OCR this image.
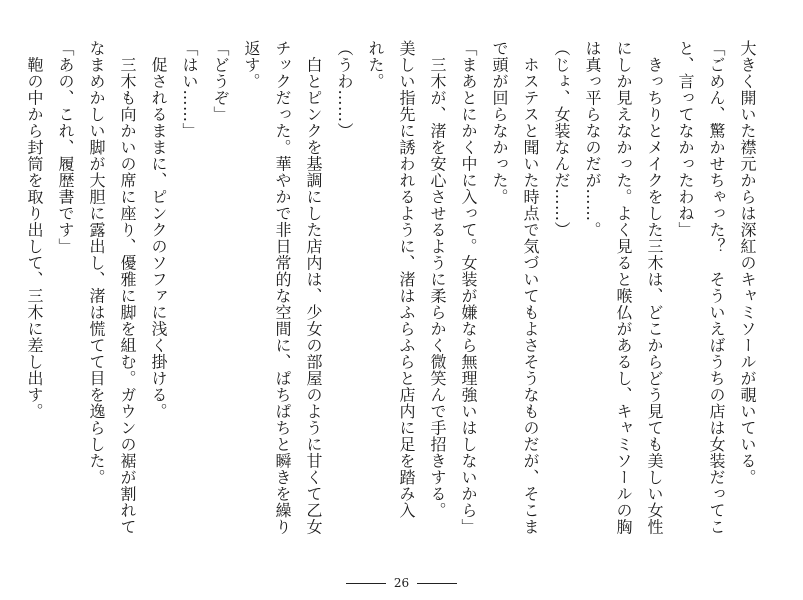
大きく開いた襟元からは深紅のキャミソールが覗いている。
「ごめん、驚かせちゃった？　そういえばうちの店は女装だってこ
と、言ってなかったわね」
　きっちりとメイクをした三木は、どこからどう見ても美しい女性
にしか見えなかった。よく見ると喉仏があるし、キャミソールの胸
は真っ平らなのだが……。
（じょ、女装なんだ……）
　ホステスと聞いた時点で気づいてもよさそうなものだが、そこま
で頭が回らなかった。
「まあとにかく中に入って。女装が嫌なら無理強いはしないから」
　三木が、渚を安心させるように柔らかく微笑んで手招きする。
美しい指先に誘われるように、渚はふらふらと店内に足を踏み入
れた。
（うわ……）
　白とピンクを基調にした店内は、少女の部屋のように甘くて乙女
チックだった。華やかで非日常的な空間に、ぱちぱちと瞬きを繰り
返す。
「どうぞ」
「はい……」
　促されるままに、ピンクのソファに浅く掛ける。
　三木も向かいの席に座り、優雅に脚を組む。ガウンの裾が割れて
なまめかしい脚が大胆に露出し、渚は慌てて目を逸らした。
「あの、これ、履歴書です」
　鞄の中から封筒を取り出して、三木に差し出す。
26
